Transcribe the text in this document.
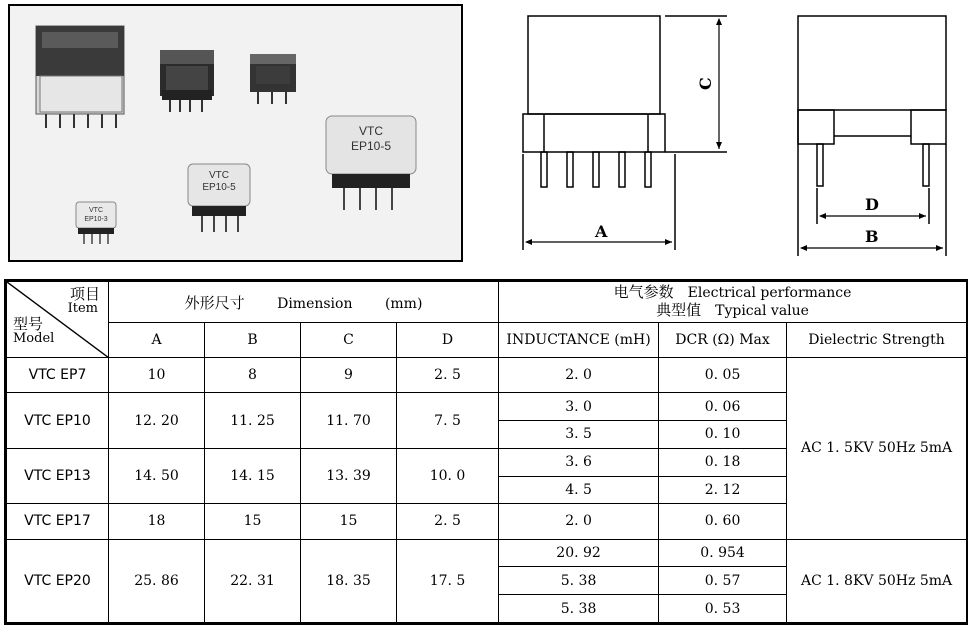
VTC
EP10-5
VTC
EP10-5
VTC
EP10-3
A
C
D
B
项目
Item
型号
Model	外形尺寸 Dimension (mm)				电气参数 Electrical performance
典型值 Typical value		

	A	B	C	D	INDUCTANCE (mH)	DCR (Ω) Max	Dielectric Strength
VTC EP7	10	8	9	2. 5	2. 0	0. 05	AC 1. 5KV 50Hz 5mA
VTC EP10	12. 20	11. 25	11. 70	7. 5	3. 0	0. 06	
					3. 5	0. 10	
VTC EP13	14. 50	14. 15	13. 39	10. 0	3. 6	0. 18	
					4. 5	2. 12	
VTC EP17	18	15	15	2. 5	2. 0	0. 60	
VTC EP20	25. 86	22. 31	18. 35	17. 5	20. 92	0. 954	AC 1. 8KV 50Hz 5mA
					5. 38	0. 57	
					5. 38	0. 53	
